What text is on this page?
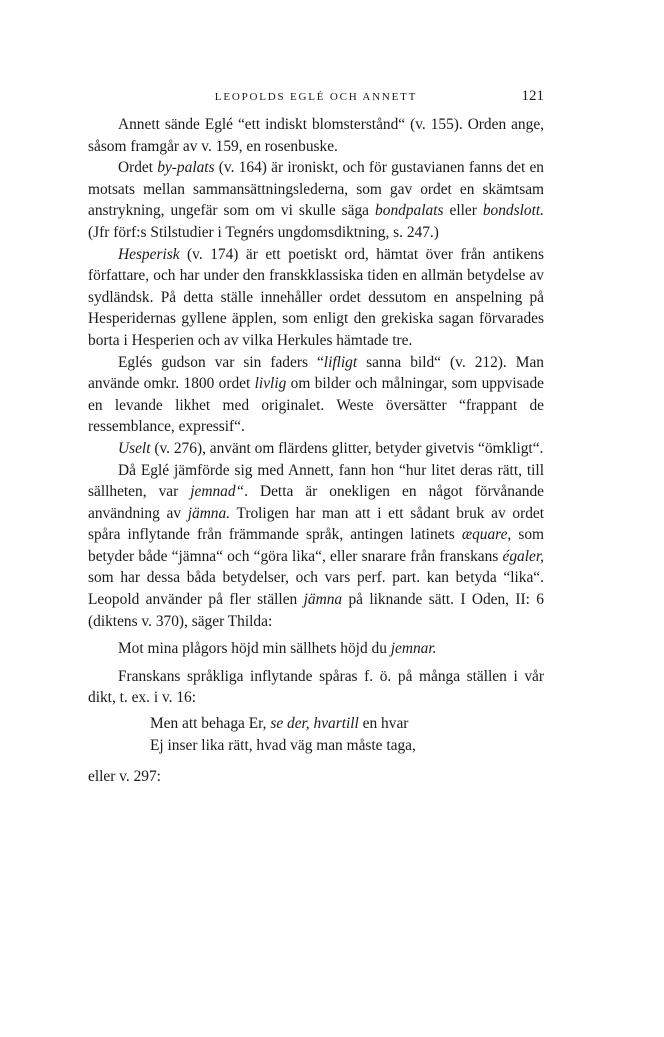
LEOPOLDS EGLÉ OCH ANNETT	121

Annett sände Eglé “ett indiskt blomsterstånd“ (v. 155). Orden ange, såsom framgår av v. 159, en rosenbuske.

Ordet by-palats (v. 164) är ironiskt, och för gustavianen fanns det en motsats mellan sammansättningslederna, som gav ordet en skämtsam anstrykning, ungefär som om vi skulle säga bondpalats eller bondslott. (Jfr förf:s Stilstudier i Tegnérs ungdomsdiktning, s. 247.)

Hesperisk (v. 174) är ett poetiskt ord, hämtat över från antikens författare, och har under den franskklassiska tiden en allmän betydelse av sydländsk. På detta ställe innehåller ordet dessutom en anspelning på Hesperidernas gyllene äpplen, som enligt den grekiska sagan förvarades borta i Hesperien och av vilka Herkules hämtade tre.

Eglés gudson var sin faders “lifligt sanna bild“ (v. 212). Man använde omkr. 1800 ordet livlig om bilder och målningar, som uppvisade en levande likhet med originalet. Weste översätter “frappant de ressemblance, expressif“.

Uselt (v. 276), använt om flärdens glitter, betyder givetvis “ömkligt“.

Då Eglé jämförde sig med Annett, fann hon “hur litet deras rätt, till sällheten, var jemnad“. Detta är onekligen en något förvånande användning av jämna. Troligen har man att i ett sådant bruk av ordet spåra inflytande från främmande språk, antingen latinets æquare, som betyder både “jämna“ och “göra lika“, eller snarare från franskans égaler, som har dessa båda betydelser, och vars perf. part. kan betyda “lika“. Leopold använder på fler ställen jämna på liknande sätt. I Oden, II: 6 (diktens v. 370), säger Thilda:

Mot mina plågors höjd min sällhets höjd du jemnar.

Franskans språkliga inflytande spåras f. ö. på många ställen i vår dikt, t. ex. i v. 16:

Men att behaga Er, se der, hvartill en hvar
Ej inser lika rätt, hvad väg man måste taga,

eller v. 297:
